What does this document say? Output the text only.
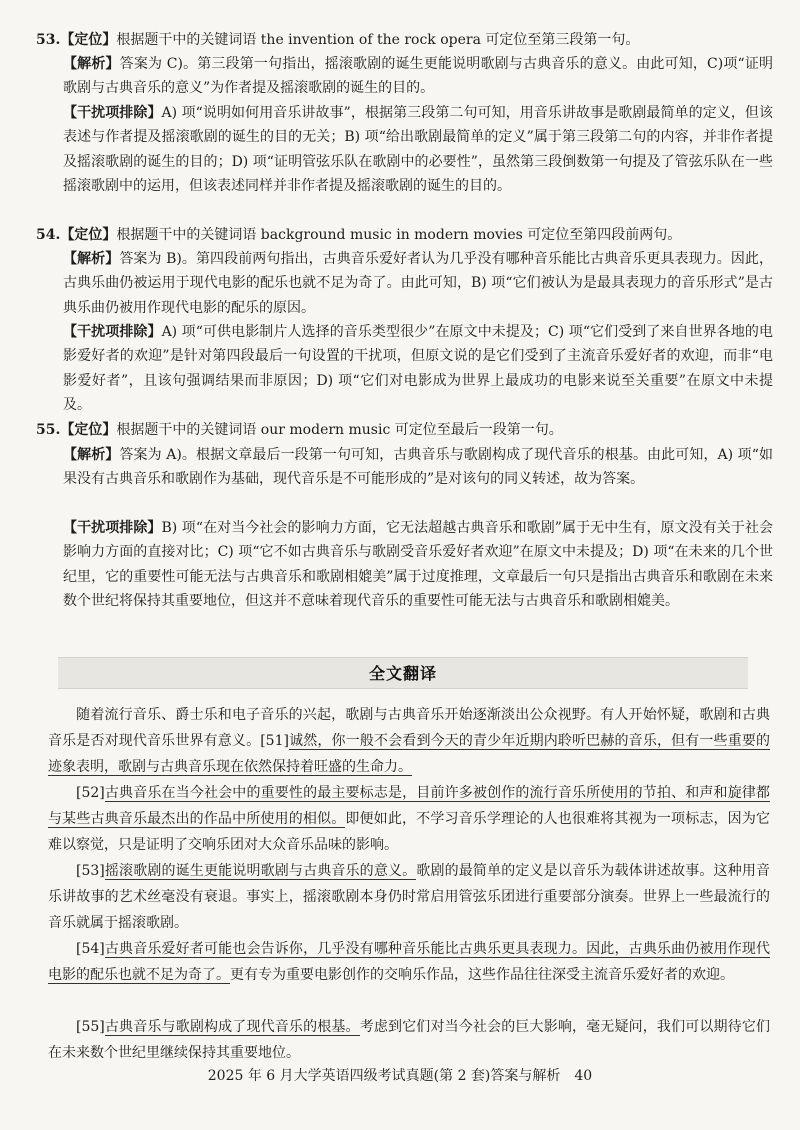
53.【定位】根据题干中的关键词语 the invention of the rock opera 可定位至第三段第一句。

【解析】答案为 C)。第三段第一句指出，摇滚歌剧的诞生更能说明歌剧与古典音乐的意义。由此可知，C)项“证明歌剧与古典音乐的意义”为作者提及摇滚歌剧的诞生的目的。

【干扰项排除】A) 项“说明如何用音乐讲故事”，根据第三段第二句可知，用音乐讲故事是歌剧最简单的定义，但该表述与作者提及摇滚歌剧的诞生的目的无关；B) 项“给出歌剧最简单的定义”属于第三段第二句的内容，并非作者提及摇滚歌剧的诞生的目的；D) 项“证明管弦乐队在歌剧中的必要性”，虽然第三段倒数第一句提及了管弦乐队在一些摇滚歌剧中的运用，但该表述同样并非作者提及摇滚歌剧的诞生的目的。

54.【定位】根据题干中的关键词语 background music in modern movies 可定位至第四段前两句。

【解析】答案为 B)。第四段前两句指出，古典音乐爱好者认为几乎没有哪种音乐能比古典音乐更具表现力。因此，古典乐曲仍被运用于现代电影的配乐也就不足为奇了。由此可知，B) 项“它们被认为是最具表现力的音乐形式”是古典乐曲仍被用作现代电影的配乐的原因。

【干扰项排除】A) 项“可供电影制片人选择的音乐类型很少”在原文中未提及；C) 项“它们受到了来自世界各地的电影爱好者的欢迎”是针对第四段最后一句设置的干扰项，但原文说的是它们受到了主流音乐爱好者的欢迎，而非“电影爱好者”，且该句强调结果而非原因；D) 项“它们对电影成为世界上最成功的电影来说至关重要”在原文中未提及。

55.【定位】根据题干中的关键词语 our modern music 可定位至最后一段第一句。

【解析】答案为 A)。根据文章最后一段第一句可知，古典音乐与歌剧构成了现代音乐的根基。由此可知，A) 项“如果没有古典音乐和歌剧作为基础，现代音乐是不可能形成的”是对该句的同义转述，故为答案。

【干扰项排除】B) 项“在对当今社会的影响力方面，它无法超越古典音乐和歌剧”属于无中生有，原文没有关于社会影响力方面的直接对比；C) 项“它不如古典音乐与歌剧受音乐爱好者欢迎”在原文中未提及；D) 项“在未来的几个世纪里，它的重要性可能无法与古典音乐和歌剧相媲美”属于过度推理，文章最后一句只是指出古典音乐和歌剧在未来数个世纪将保持其重要地位，但这并不意味着现代音乐的重要性可能无法与古典音乐和歌剧相媲美。

全文翻译

随着流行音乐、爵士乐和电子音乐的兴起，歌剧与古典音乐开始逐渐淡出公众视野。有人开始怀疑，歌剧和古典音乐是否对现代音乐世界有意义。[51]诚然，你一般不会看到今天的青少年近期内聆听巴赫的音乐，但有一些重要的迹象表明，歌剧与古典音乐现在依然保持着旺盛的生命力。

[52]古典音乐在当今社会中的重要性的最主要标志是，目前许多被创作的流行音乐所使用的节拍、和声和旋律都与某些古典音乐最杰出的作品中所使用的相似。即便如此，不学习音乐学理论的人也很难将其视为一项标志，因为它难以察觉，只是证明了交响乐团对大众音乐品味的影响。

[53]摇滚歌剧的诞生更能说明歌剧与古典音乐的意义。歌剧的最简单的定义是以音乐为载体讲述故事。这种用音乐讲故事的艺术丝毫没有衰退。事实上，摇滚歌剧本身仍时常启用管弦乐团进行重要部分演奏。世界上一些最流行的音乐就属于摇滚歌剧。

[54]古典音乐爱好者可能也会告诉你，几乎没有哪种音乐能比古典乐更具表现力。因此，古典乐曲仍被用作现代电影的配乐也就不足为奇了。更有专为重要电影创作的交响乐作品，这些作品往往深受主流音乐爱好者的欢迎。

[55]古典音乐与歌剧构成了现代音乐的根基。考虑到它们对当今社会的巨大影响，毫无疑问，我们可以期待它们在未来数个世纪里继续保持其重要地位。

2025 年 6 月大学英语四级考试真题(第 2 套)答案与解析 40
